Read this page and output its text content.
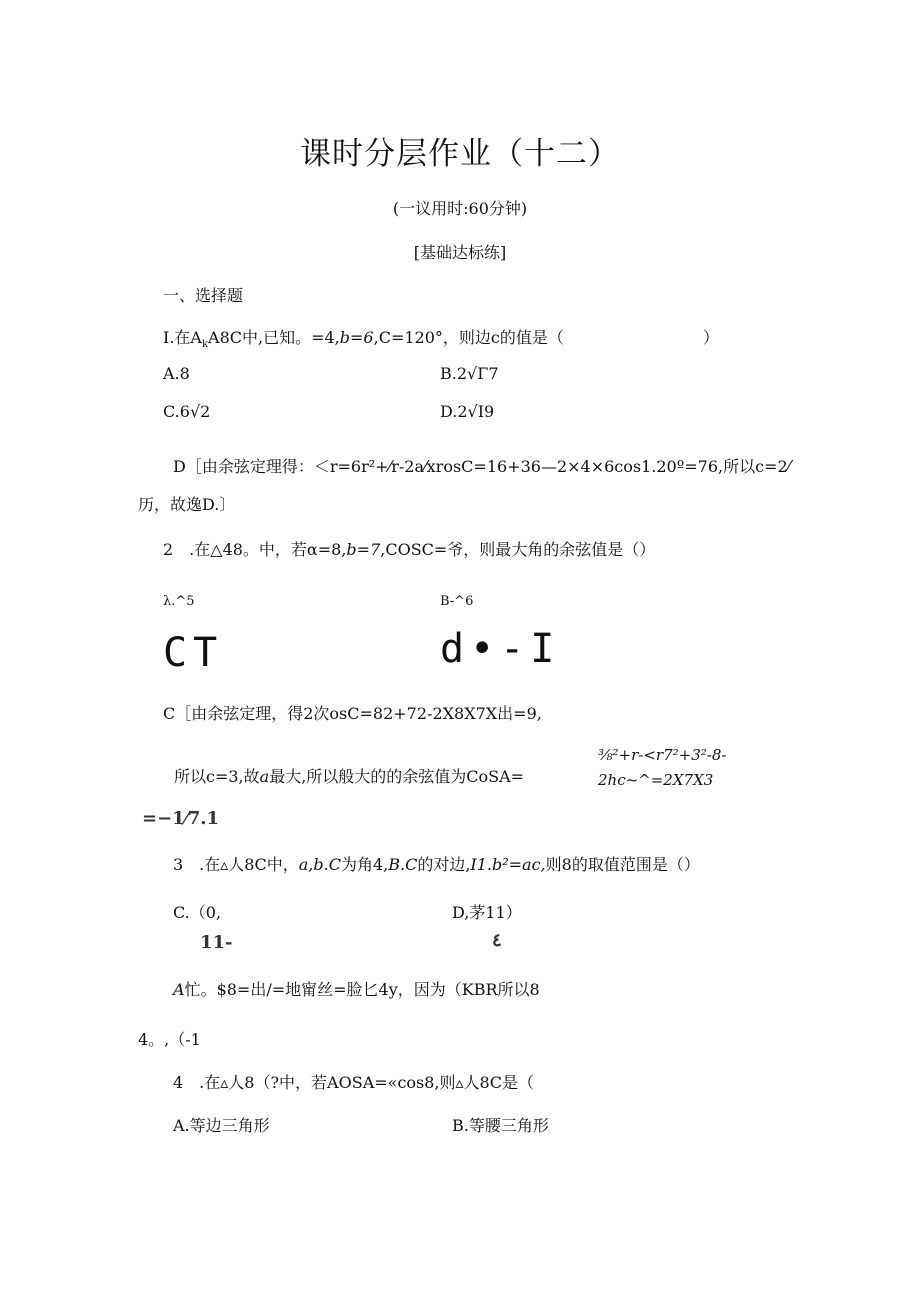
课时分层作业（十二）
(一议用时:60分钟)
[基础达标练]
一、选择题
I.在$A_kA8C$中,已知。=4,b=6,C=120°，则边c的值是（	）
A.8	B.2√Γ7
C.6√2	D.2√I9
D［由余弦定理得：＜r=6r²+⁄r-2a⁄xrosC=16+36—2×4×6cos1.20º=76,所以c=2⁄
历，故逸D.〕
2　.在△48。中，若α=8,b=7,COSC=爷，则最大角的余弦值是（）
λ.^5	B-^6
CT	d•-I
C［由余弦定理，得2次osC=82+72-2X8X7X出=9,
所以c=3,故a最大,所以般大的的余弦值为CoSA=
⅜²+r-<r7²+3²-8-
2hc~^=2X7X3
=−1⁄7.1
3　.在▵人8C中，a,b.C为角4,B.C的对边,I1.b²=ac,则8的取值范围是（）
C.（0,	D,茅11）
11-	٤
A忙。$8=出/=地甯丝=脸匕4y，因为（KBR所以8
4。,（-1
4　.在▵人8（?中，若AOSA=«cos8,则▵人8C是（
A.等边三角形	B.等腰三角形
